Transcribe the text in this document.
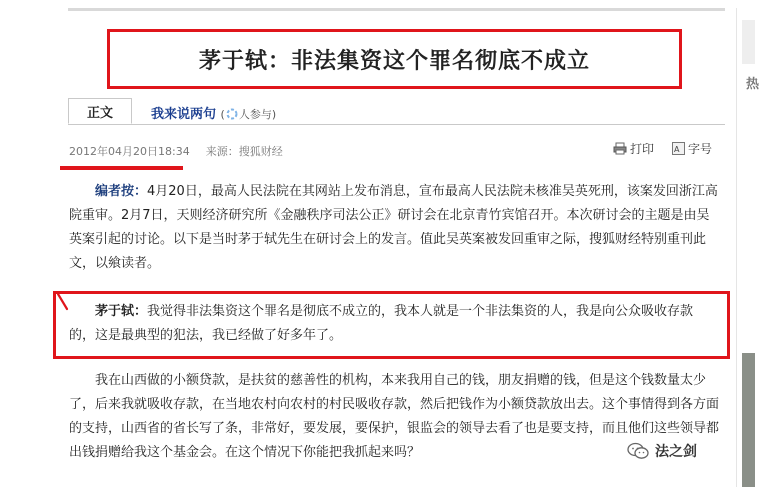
茅于轼：非法集资这个罪名彻底不成立
正文	我来说两句 ( 人参与)
2012年04月20日18:34 来源：搜狐财经	打印	A 字号

编者按：4月20日，最高人民法院在其网站上发布消息，宣布最高人民法院未核准吴英死刑，该案发回浙江高院重审。2月7日，天则经济研究所《金融秩序司法公正》研讨会在北京青竹宾馆召开。本次研讨会的主题是由吴英案引起的讨论。以下是当时茅于轼先生在研讨会上的发言。值此吴英案被发回重审之际，搜狐财经特别重刊此文，以飨读者。

茅于轼：我觉得非法集资这个罪名是彻底不成立的，我本人就是一个非法集资的人，我是向公众吸收存款的，这是最典型的犯法，我已经做了好多年了。

我在山西做的小额贷款，是扶贫的慈善性的机构，本来我用自己的钱，朋友捐赠的钱，但是这个钱数量太少了，后来我就吸收存款，在当地农村向农村的村民吸收存款，然后把钱作为小额贷款放出去。这个事情得到各方面的支持，山西省的省长写了条，非常好，要发展，要保护，银监会的领导去看了也是要支持，而且他们这些领导都出钱捐赠给我这个基金会。在这个情况下你能把我抓起来吗？

热
法之剑
